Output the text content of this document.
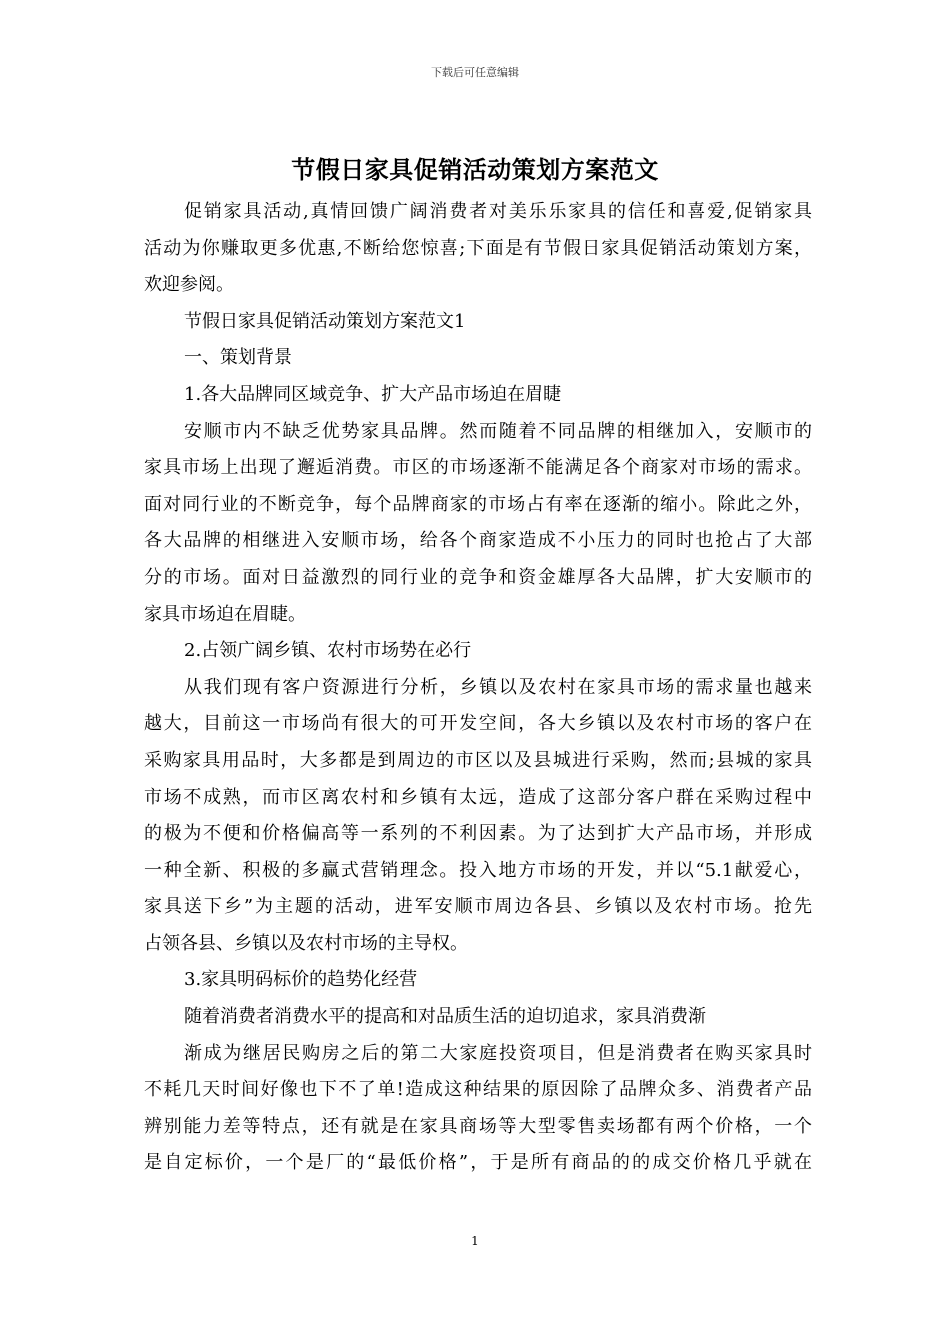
下载后可任意编辑
节假日家具促销活动策划方案范文
促销家具活动,真情回馈广阔消费者对美乐乐家具的信任和喜爱,促销家具
活动为你赚取更多优惠,不断给您惊喜;下面是有节假日家具促销活动策划方案，
欢迎参阅。
节假日家具促销活动策划方案范文1
一、策划背景
1.各大品牌同区域竞争、扩大产品市场迫在眉睫
安顺市内不缺乏优势家具品牌。然而随着不同品牌的相继加入，安顺市的
家具市场上出现了邂逅消费。市区的市场逐渐不能满足各个商家对市场的需求。
面对同行业的不断竞争，每个品牌商家的市场占有率在逐渐的缩小。除此之外，
各大品牌的相继进入安顺市场，给各个商家造成不小压力的同时也抢占了大部
分的市场。面对日益激烈的同行业的竞争和资金雄厚各大品牌，扩大安顺市的
家具市场迫在眉睫。
2.占领广阔乡镇、农村市场势在必行
从我们现有客户资源进行分析，乡镇以及农村在家具市场的需求量也越来
越大，目前这一市场尚有很大的可开发空间，各大乡镇以及农村市场的客户在
采购家具用品时，大多都是到周边的市区以及县城进行采购，然而;县城的家具
市场不成熟，而市区离农村和乡镇有太远，造成了这部分客户群在采购过程中
的极为不便和价格偏高等一系列的不利因素。为了达到扩大产品市场，并形成
一种全新、积极的多赢式营销理念。投入地方市场的开发，并以“5.1献爱心，
家具送下乡”为主题的活动，进军安顺市周边各县、乡镇以及农村市场。抢先
占领各县、乡镇以及农村市场的主导权。
3.家具明码标价的趋势化经营
随着消费者消费水平的提高和对品质生活的迫切追求，家具消费渐
渐成为继居民购房之后的第二大家庭投资项目，但是消费者在购买家具时
不耗几天时间好像也下不了单!造成这种结果的原因除了品牌众多、消费者产品
辨别能力差等特点，还有就是在家具商场等大型零售卖场都有两个价格，一个
是自定标价，一个是厂的“最低价格”，于是所有商品的的成交价格几乎就在
1
